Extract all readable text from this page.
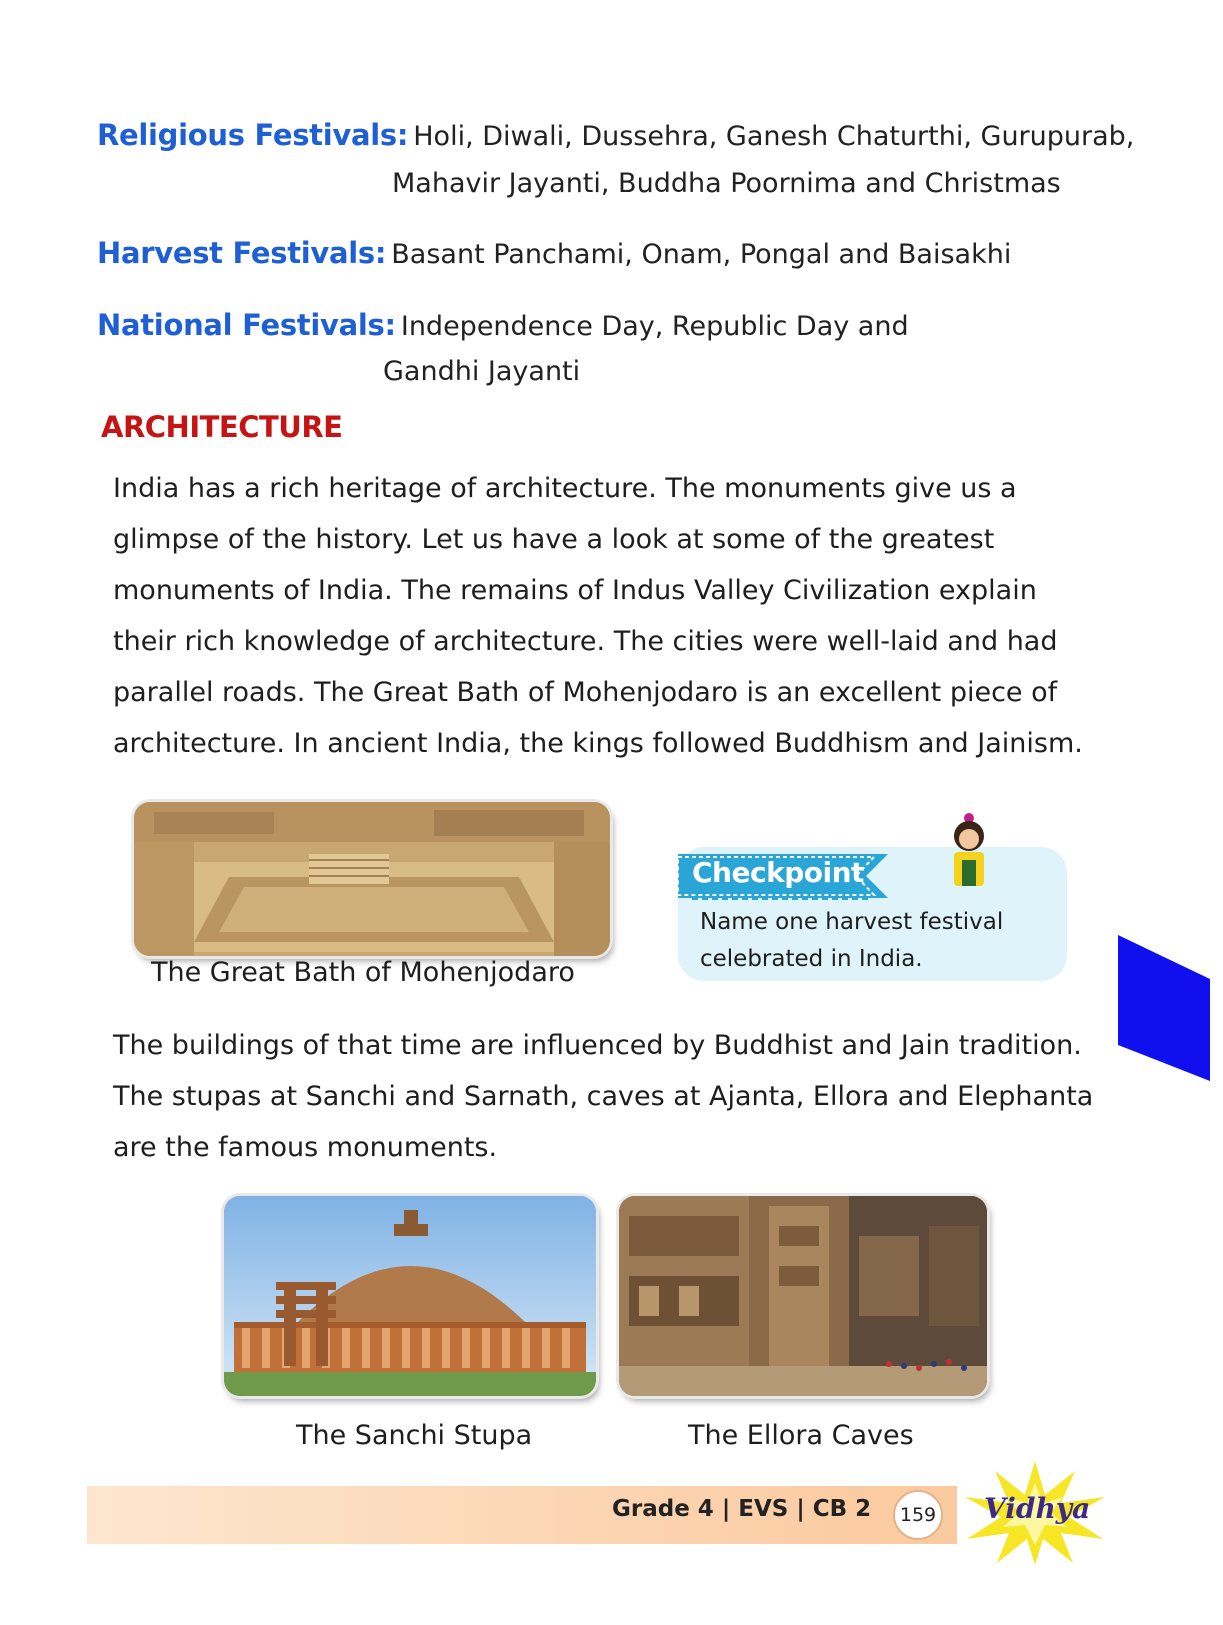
Religious Festivals: Holi, Diwali, Dussehra, Ganesh Chaturthi, Gurupurab,
Mahavir Jayanti, Buddha Poornima and Christmas
Harvest Festivals: Basant Panchami, Onam, Pongal and Baisakhi
National Festivals: Independence Day, Republic Day and
Gandhi Jayanti
ARCHITECTURE
India has a rich heritage of architecture. The monuments give us a
glimpse of the history. Let us have a look at some of the greatest
monuments of India. The remains of Indus Valley Civilization explain
their rich knowledge of architecture. The cities were well-laid and had
parallel roads. The Great Bath of Mohenjodaro is an excellent piece of
architecture. In ancient India, the kings followed Buddhism and Jainism.
The Great Bath of Mohenjodaro
Checkpoint
Name one harvest festival
celebrated in India.
The buildings of that time are influenced by Buddhist and Jain tradition.
The stupas at Sanchi and Sarnath, caves at Ajanta, Ellora and Elephanta
are the famous monuments.
The Sanchi Stupa	The Ellora Caves
Grade 4 | EVS | CB 2	159 Vidhya
